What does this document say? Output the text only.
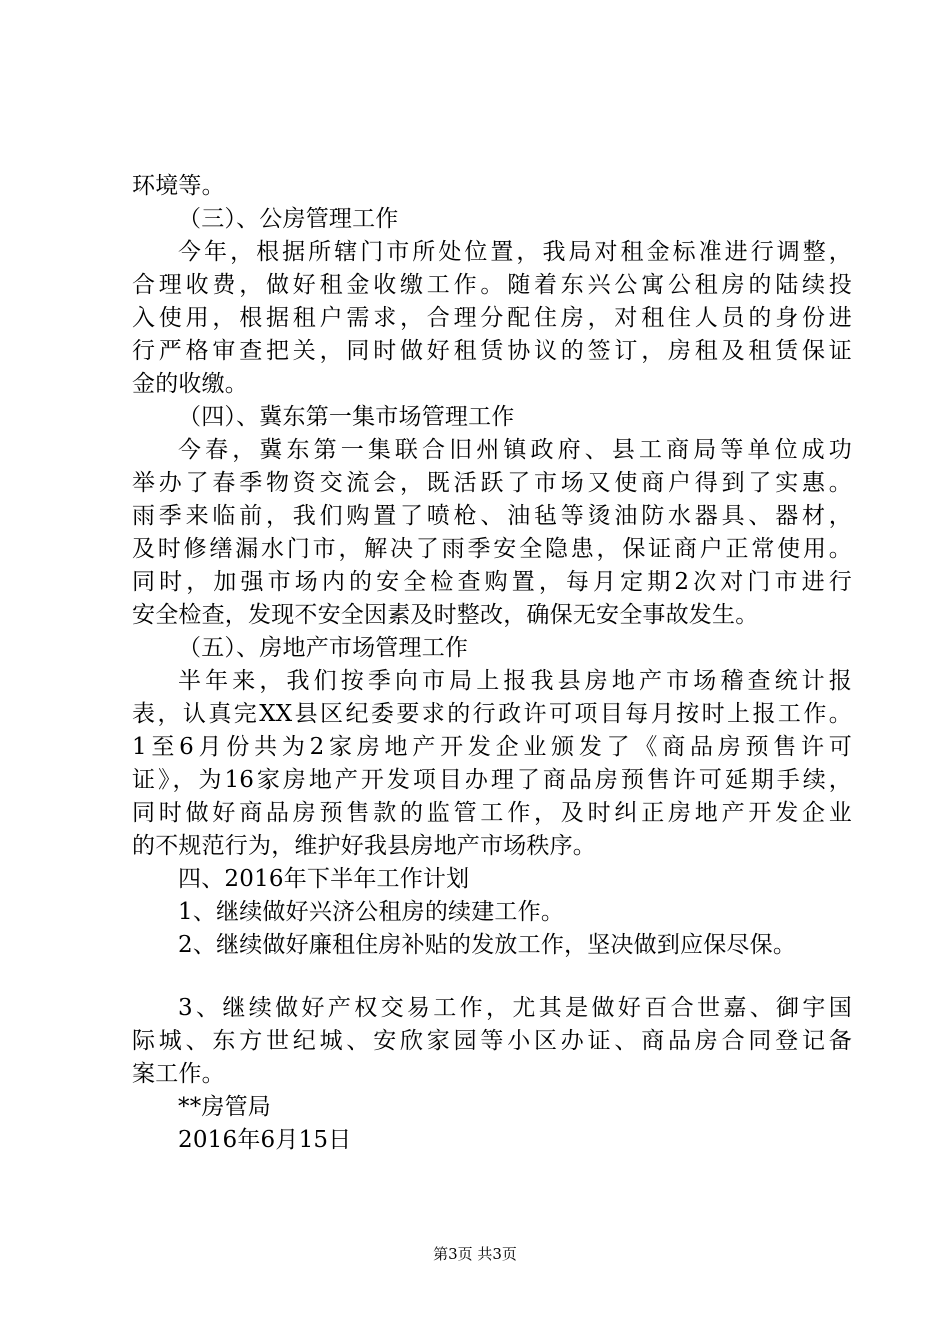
环境等。
（三）、公房管理工作
今年，根据所辖门市所处位置，我局对租金标准进行调整，
合理收费，做好租金收缴工作。随着东兴公寓公租房的陆续投
入使用，根据租户需求，合理分配住房，对租住人员的身份进
行严格审查把关，同时做好租赁协议的签订，房租及租赁保证
金的收缴。
（四）、冀东第一集市场管理工作
今春，冀东第一集联合旧州镇政府、县工商局等单位成功
举办了春季物资交流会，既活跃了市场又使商户得到了实惠。
雨季来临前，我们购置了喷枪、油毡等烫油防水器具、器材，
及时修缮漏水门市，解决了雨季安全隐患，保证商户正常使用。
同时，加强市场内的安全检查购置，每月定期2次对门市进行
安全检查，发现不安全因素及时整改，确保无安全事故发生。
（五）、房地产市场管理工作
半年来，我们按季向市局上报我县房地产市场稽查统计报
表，认真完XX县区纪委要求的行政许可项目每月按时上报工作。
1至6月份共为2家房地产开发企业颁发了《商品房预售许可
证》，为16家房地产开发项目办理了商品房预售许可延期手续，
同时做好商品房预售款的监管工作，及时纠正房地产开发企业
的不规范行为，维护好我县房地产市场秩序。
四、2016年下半年工作计划
1、继续做好兴济公租房的续建工作。
2、继续做好廉租住房补贴的发放工作，坚决做到应保尽保。
3、继续做好产权交易工作，尤其是做好百合世嘉、御宇国
际城、东方世纪城、安欣家园等小区办证、商品房合同登记备
案工作。
**房管局
2016年6月15日
第3页 共3页
